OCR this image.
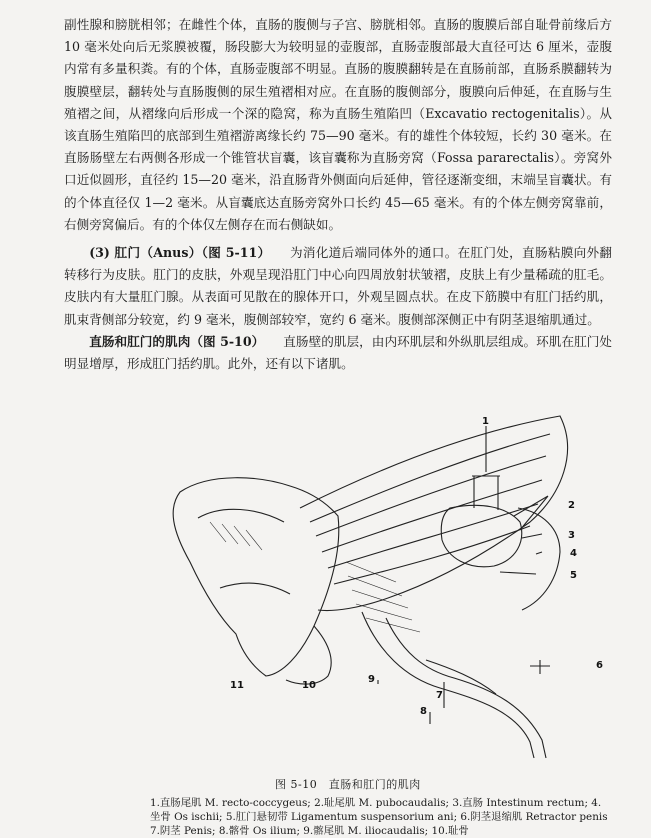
副性腺和膀胱相邻；在雌性个体，直肠的腹侧与子宫、膀胱相邻。直肠的腹膜后部自耻骨前缘后方 10 毫米处向后无浆膜被覆，肠段膨大为较明显的壶腹部，直肠壶腹部最大直径可达 6 厘米，壶腹内常有多量积粪。有的个体，直肠壶腹部不明显。直肠的腹膜翻转是在直肠前部，直肠系膜翻转为腹膜壁层，翻转处与直肠腹侧的尿生殖褶相对应。在直肠的腹侧部分，腹膜向后伸延，在直肠与生殖褶之间，从褶缘向后形成一个深的隐窝，称为直肠生殖陷凹（Excavatio rectogenitalis）。从该直肠生殖陷凹的底部到生殖褶游离缘长约 75—90 毫米。有的雄性个体较短，长约 30 毫米。在直肠肠壁左右两侧各形成一个锥管状盲囊，该盲囊称为直肠旁窝（Fossa pararectalis）。旁窝外口近似圆形，直径约 15—20 毫米，沿直肠背外侧面向后延伸，管径逐渐变细，末端呈盲囊状。有的个体直径仅 1—2 毫米。从盲囊底达直肠旁窝外口长约 45—65 毫米。有的个体左侧旁窝靠前，右侧旁窝偏后。有的个体仅左侧存在而右侧缺如。

(3) 肛门（Anus）（图 5-11）　　 为消化道后端同体外的通口。在肛门处，直肠粘膜向外翻转移行为皮肤。肛门的皮肤，外观呈现沿肛门中心向四周放射状皱褶，皮肤上有少量稀疏的肛毛。皮肤内有大量肛门腺。从表面可见散在的腺体开口，外观呈圆点状。在皮下筋膜中有肛门括约肌，肌束背侧部分较宽，约 9 毫米，腹侧部较窄，宽约 6 毫米。腹侧部深侧正中有阴茎退缩肌通过。

直肠和肛门的肌肉（图 5-10）　　 直肠壁的肌层，由内环肌层和外纵肌层组成。环肌在肛门处明显增厚，形成肛门括约肌。此外，还有以下诸肌。

1
2
3
4
5
6
7
8
9
10
11
图 5-10　直肠和肛门的肌肉

1.直肠尾肌 M. recto-coccygeus; 2.耻尾肌 M. pubocaudalis; 3.直肠 Intestinum rectum; 4.

坐骨 Os ischii; 5.肛门悬韧带 Ligamentum suspensorium ani; 6.阴茎退缩肌 Retractor penis

7.阴茎 Penis; 8.髂骨 Os ilium; 9.髂尾肌 M. iliocaudalis; 10.耻骨
